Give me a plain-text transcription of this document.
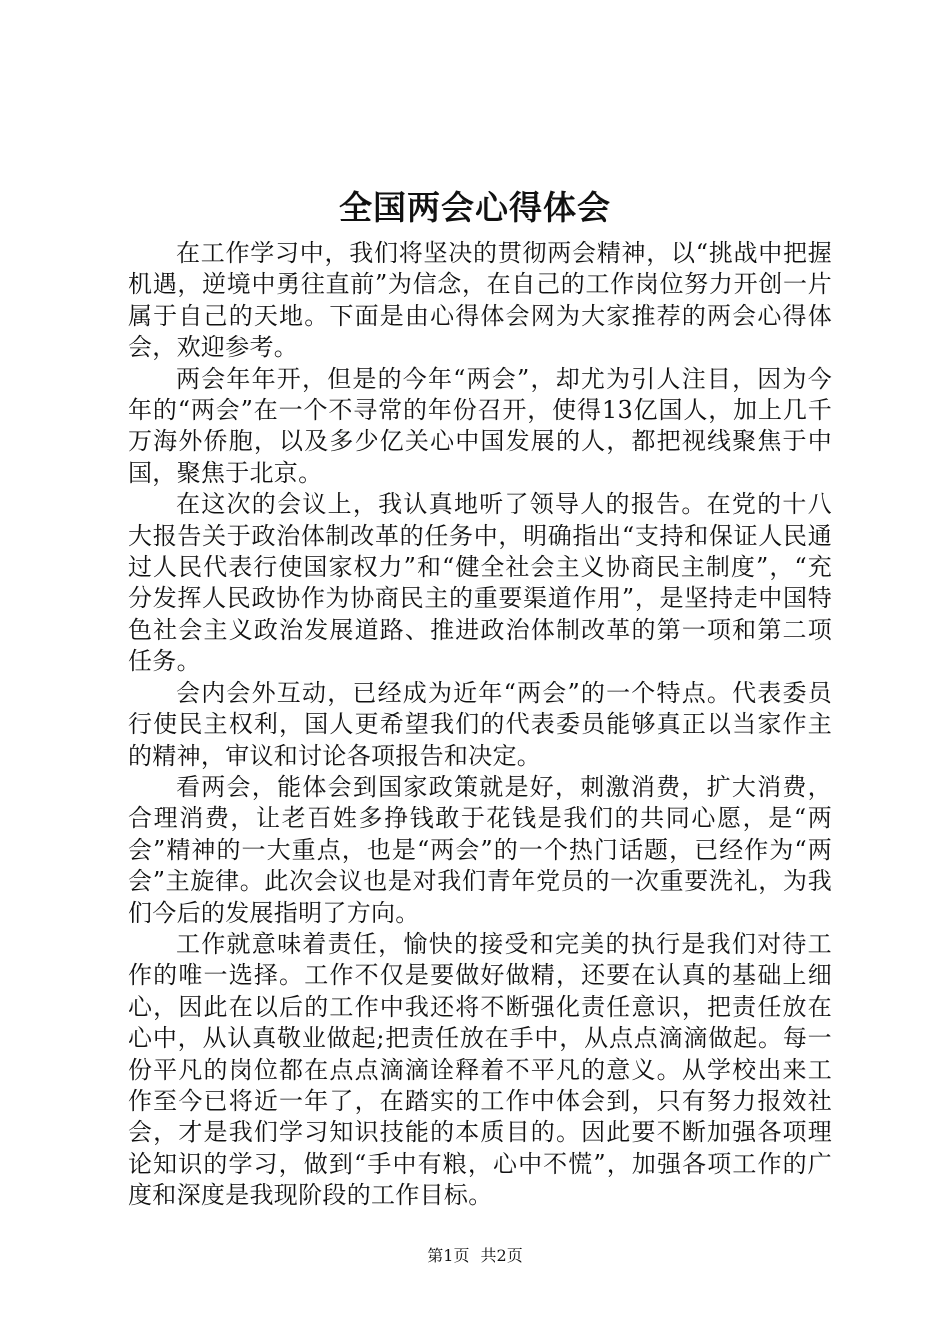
全国两会心得体会

在工作学习中，我们将坚决的贯彻两会精神，以“挑战中把握机遇，逆境中勇往直前”为信念，在自己的工作岗位努力开创一片属于自己的天地。下面是由心得体会网为大家推荐的两会心得体会，欢迎参考。

两会年年开，但是的今年“两会”，却尤为引人注目，因为今年的“两会”在一个不寻常的年份召开，使得13亿国人，加上几千万海外侨胞，以及多少亿关心中国发展的人，都把视线聚焦于中国，聚焦于北京。

在这次的会议上，我认真地听了领导人的报告。在党的十八大报告关于政治体制改革的任务中，明确指出“支持和保证人民通过人民代表行使国家权力”和“健全社会主义协商民主制度”，“充分发挥人民政协作为协商民主的重要渠道作用”，是坚持走中国特色社会主义政治发展道路、推进政治体制改革的第一项和第二项任务。

会内会外互动，已经成为近年“两会”的一个特点。代表委员行使民主权利，国人更希望我们的代表委员能够真正以当家作主的精神，审议和讨论各项报告和决定。

看两会，能体会到国家政策就是好，刺激消费，扩大消费，合理消费，让老百姓多挣钱敢于花钱是我们的共同心愿，是“两会”精神的一大重点，也是“两会”的一个热门话题，已经作为“两会”主旋律。此次会议也是对我们青年党员的一次重要洗礼，为我们今后的发展指明了方向。

工作就意味着责任，愉快的接受和完美的执行是我们对待工作的唯一选择。工作不仅是要做好做精，还要在认真的基础上细心，因此在以后的工作中我还将不断强化责任意识，把责任放在心中，从认真敬业做起;把责任放在手中，从点点滴滴做起。每一份平凡的岗位都在点点滴滴诠释着不平凡的意义。从学校出来工作至今已将近一年了，在踏实的工作中体会到，只有努力报效社会，才是我们学习知识技能的本质目的。因此要不断加强各项理论知识的学习，做到“手中有粮，心中不慌”，加强各项工作的广度和深度是我现阶段的工作目标。

第1页 共2页
